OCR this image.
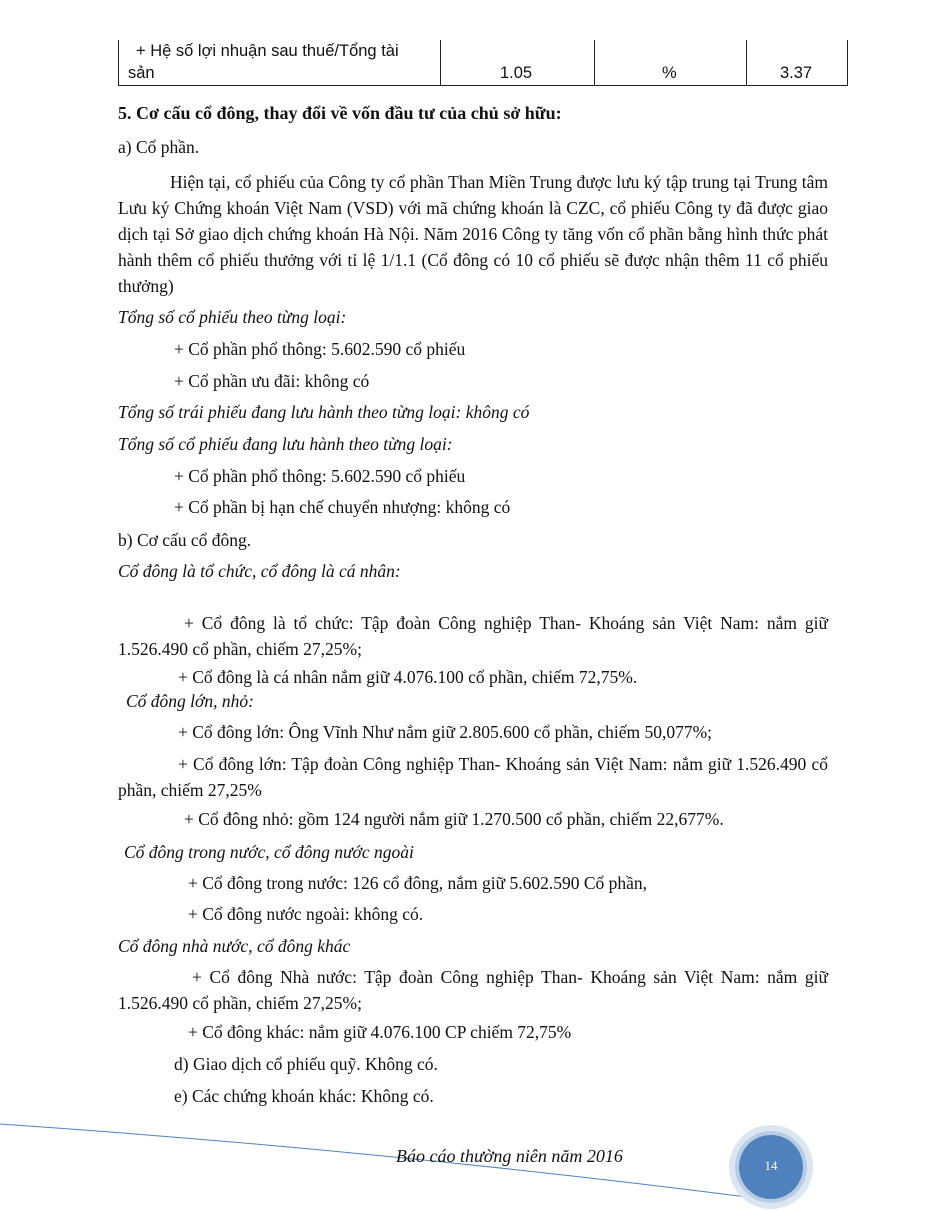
+ Hệ số lợi nhuận sau thuế/Tổng tài
sản	1.05	%	3.37
5. Cơ cấu cổ đông, thay đổi về vốn đầu tư của chủ sở hữu:
a) Cổ phần.
Hiện tại, cổ phiếu của Công ty cổ phần Than Miền Trung được lưu ký tập trung tại Trung tâm Lưu ký Chứng khoán Việt Nam (VSD) với mã chứng khoán là CZC, cổ phiếu Công ty đã được giao dịch tại Sở giao dịch chứng khoán Hà Nội. Năm 2016 Công ty tăng vốn cổ phần bằng hình thức phát hành thêm cổ phiếu thưởng với tỉ lệ 1/1.1 (Cổ đông có 10 cổ phiếu sẽ được nhận thêm 11 cổ phiếu thưởng)
Tổng số cổ phiếu theo từng loại:
+ Cổ phần phổ thông: 5.602.590 cổ phiếu
+ Cổ phần ưu đãi: không có
Tổng số trái phiếu đang lưu hành theo từng loại: không có
Tổng số cổ phiếu đang lưu hành theo từng loại:
+ Cổ phần phổ thông: 5.602.590 cổ phiếu
+ Cổ phần bị hạn chế chuyển nhượng: không có
b) Cơ cấu cổ đông.
Cổ đông là tổ chức, cổ đông là cá nhân:
+ Cổ đông là tổ chức: Tập đoàn Công nghiệp Than- Khoáng sản Việt Nam: nắm giữ 1.526.490 cổ phần, chiếm 27,25%;
+ Cổ đông là cá nhân nắm giữ 4.076.100 cổ phần, chiếm 72,75%.
Cổ đông lớn, nhỏ:
+ Cổ đông lớn: Ông Vĩnh Như nắm giữ 2.805.600 cổ phần, chiếm 50,077%;
+ Cổ đông lớn: Tập đoàn Công nghiệp Than- Khoáng sản Việt Nam: nắm giữ 1.526.490 cổ phần, chiếm 27,25%
+ Cổ đông nhỏ: gồm 124 người nắm giữ 1.270.500 cổ phần, chiếm 22,677%.
Cổ đông trong nước, cổ đông nước ngoài
+ Cổ đông trong nước: 126 cổ đông, nắm giữ 5.602.590 Cổ phần,
+ Cổ đông nước ngoài: không có.
Cổ đông nhà nước, cổ đông khác
+ Cổ đông Nhà nước: Tập đoàn Công nghiệp Than- Khoáng sản Việt Nam: nắm giữ 1.526.490 cổ phần, chiếm 27,25%;
+ Cổ đông khác: nắm giữ 4.076.100 CP chiếm 72,75%
d) Giao dịch cổ phiếu quỹ. Không có.
e) Các chứng khoán khác: Không có.
Báo cáo thường niên năm 2016	14
